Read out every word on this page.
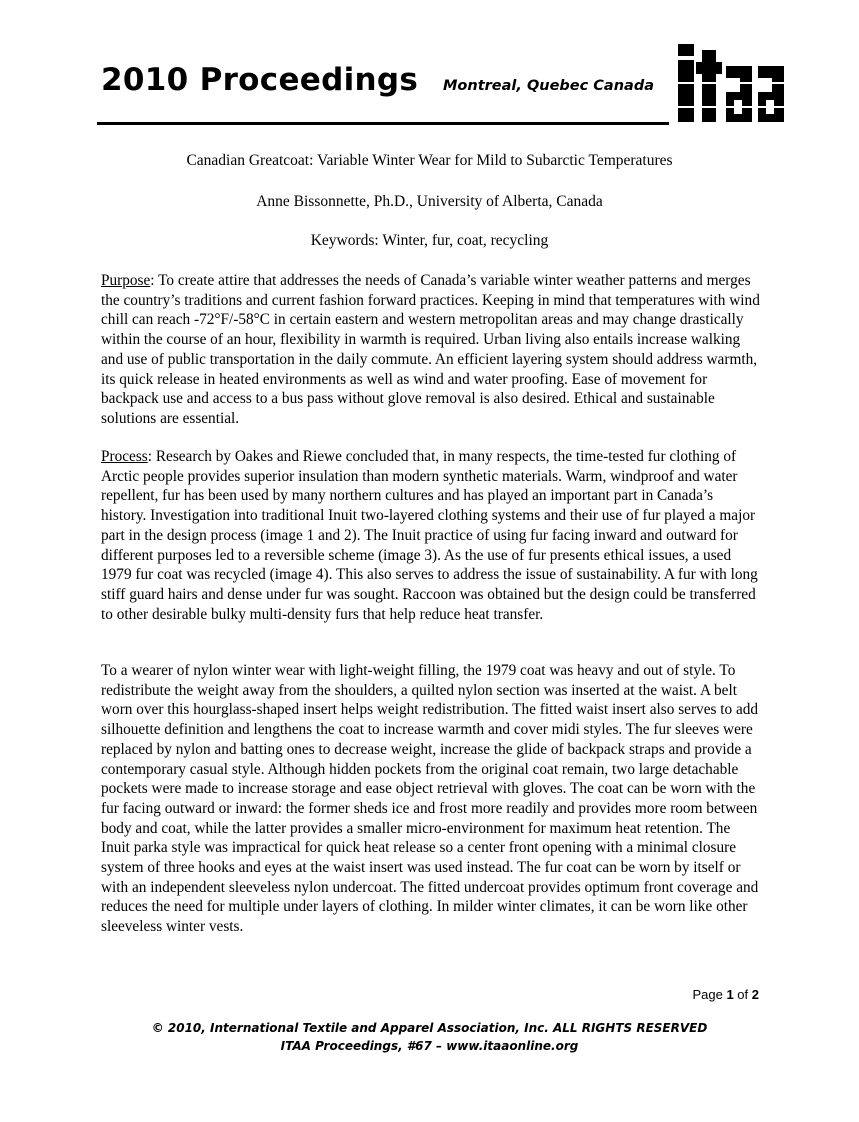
2010 Proceedings Montreal, Quebec Canada
Canadian Greatcoat: Variable Winter Wear for Mild to Subarctic Temperatures
Anne Bissonnette, Ph.D., University of Alberta, Canada
Keywords: Winter, fur, coat, recycling

Purpose: To create attire that addresses the needs of Canada’s variable winter weather patterns and merges the country’s traditions and current fashion forward practices. Keeping in mind that temperatures with wind chill can reach -72°F/-58°C in certain eastern and western metropolitan areas and may change drastically within the course of an hour, flexibility in warmth is required. Urban living also entails increase walking and use of public transportation in the daily commute. An efficient layering system should address warmth, its quick release in heated environments as well as wind and water proofing. Ease of movement for backpack use and access to a bus pass without glove removal is also desired. Ethical and sustainable solutions are essential.

Process: Research by Oakes and Riewe concluded that, in many respects, the time-tested fur clothing of Arctic people provides superior insulation than modern synthetic materials. Warm, windproof and water repellent, fur has been used by many northern cultures and has played an important part in Canada’s history. Investigation into traditional Inuit two-layered clothing systems and their use of fur played a major part in the design process (image 1 and 2). The Inuit practice of using fur facing inward and outward for different purposes led to a reversible scheme (image 3). As the use of fur presents ethical issues, a used 1979 fur coat was recycled (image 4). This also serves to address the issue of sustainability. A fur with long stiff guard hairs and dense under fur was sought. Raccoon was obtained but the design could be transferred to other desirable bulky multi-density furs that help reduce heat transfer.

To a wearer of nylon winter wear with light-weight filling, the 1979 coat was heavy and out of style. To redistribute the weight away from the shoulders, a quilted nylon section was inserted at the waist. A belt worn over this hourglass-shaped insert helps weight redistribution. The fitted waist insert also serves to add silhouette definition and lengthens the coat to increase warmth and cover midi styles. The fur sleeves were replaced by nylon and batting ones to decrease weight, increase the glide of backpack straps and provide a contemporary casual style. Although hidden pockets from the original coat remain, two large detachable pockets were made to increase storage and ease object retrieval with gloves. The coat can be worn with the fur facing outward or inward: the former sheds ice and frost more readily and provides more room between body and coat, while the latter provides a smaller micro-environment for maximum heat retention. The Inuit parka style was impractical for quick heat release so a center front opening with a minimal closure system of three hooks and eyes at the waist insert was used instead. The fur coat can be worn by itself or with an independent sleeveless nylon undercoat. The fitted undercoat provides optimum front coverage and reduces the need for multiple under layers of clothing. In milder winter climates, it can be worn like other sleeveless winter vests.

Page 1 of 2
© 2010, International Textile and Apparel Association, Inc. ALL RIGHTS RESERVED
ITAA Proceedings, #67 – www.itaaonline.org
